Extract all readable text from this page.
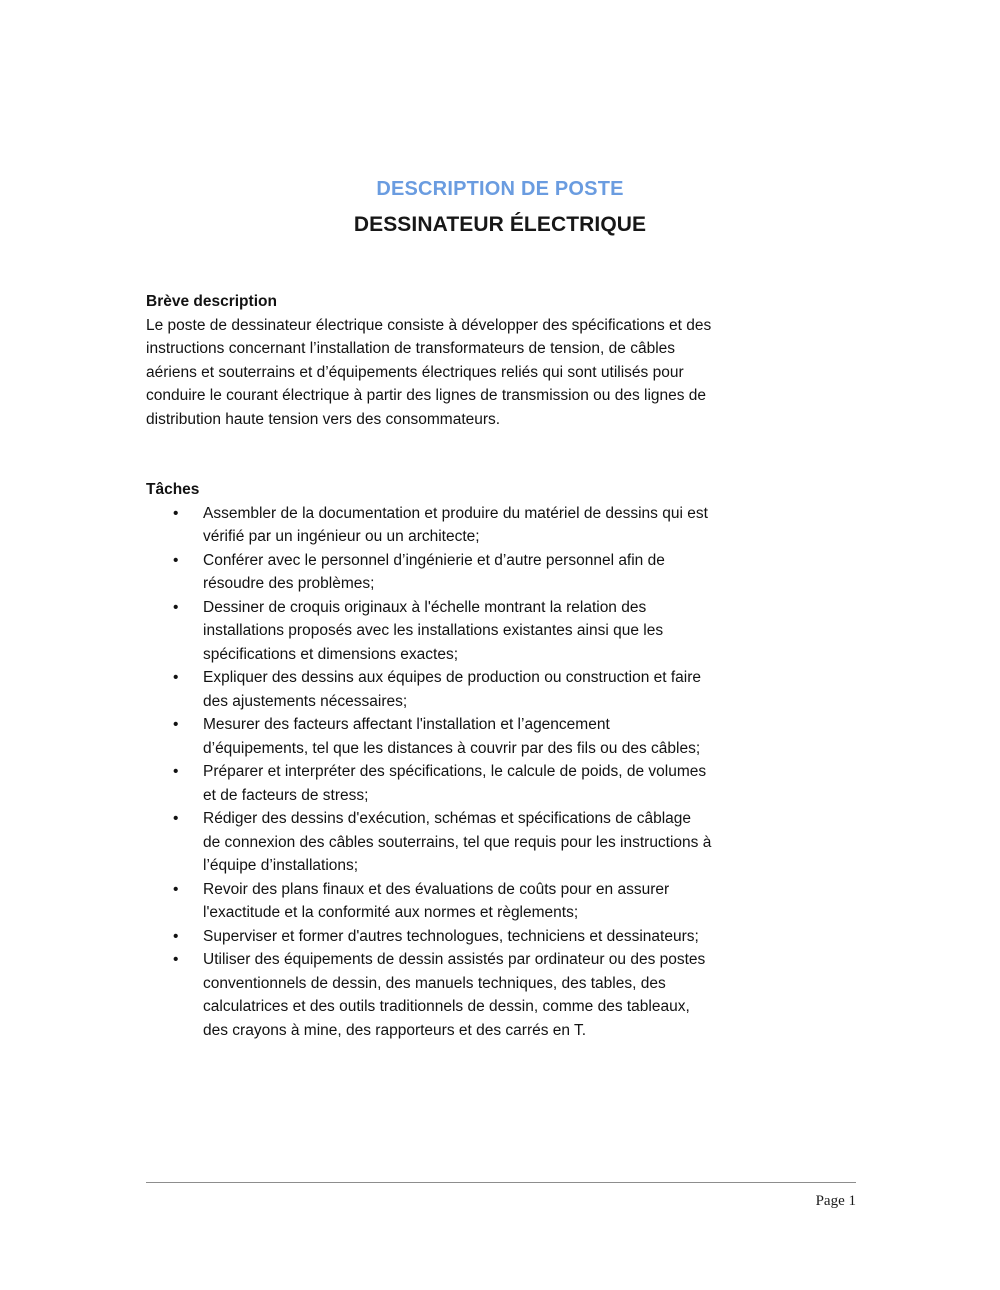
DESCRIPTION DE POSTE
DESSINATEUR ÉLECTRIQUE
Brève description
Le poste de dessinateur électrique consiste à développer des spécifications et des instructions concernant l’installation de transformateurs de tension, de câbles aériens et souterrains et d’équipements électriques reliés qui sont utilisés pour conduire le courant électrique à partir des lignes de transmission ou des lignes de distribution haute tension vers des consommateurs.
Tâches
• Assembler de la documentation et produire du matériel de dessins qui est vérifié par un ingénieur ou un architecte;
• Conférer avec le personnel d’ingénierie et d’autre personnel afin de résoudre des problèmes;
• Dessiner de croquis originaux à l'échelle montrant la relation des installations proposés avec les installations existantes ainsi que les spécifications et dimensions exactes;
• Expliquer des dessins aux équipes de production ou construction et faire des ajustements nécessaires;
• Mesurer des facteurs affectant l'installation et l’agencement d’équipements, tel que les distances à couvrir par des fils ou des câbles;
• Préparer et interpréter des spécifications, le calcule de poids, de volumes et de facteurs de stress;
• Rédiger des dessins d'exécution, schémas et spécifications de câblage de connexion des câbles souterrains, tel que requis pour les instructions à l’équipe d’installations;
• Revoir des plans finaux et des évaluations de coûts pour en assurer l'exactitude et la conformité aux normes et règlements;
• Superviser et former d'autres technologues, techniciens et dessinateurs;
• Utiliser des équipements de dessin assistés par ordinateur ou des postes conventionnels de dessin, des manuels techniques, des tables, des calculatrices et des outils traditionnels de dessin, comme des tableaux, des crayons à mine, des rapporteurs et des carrés en T.
Page 1
